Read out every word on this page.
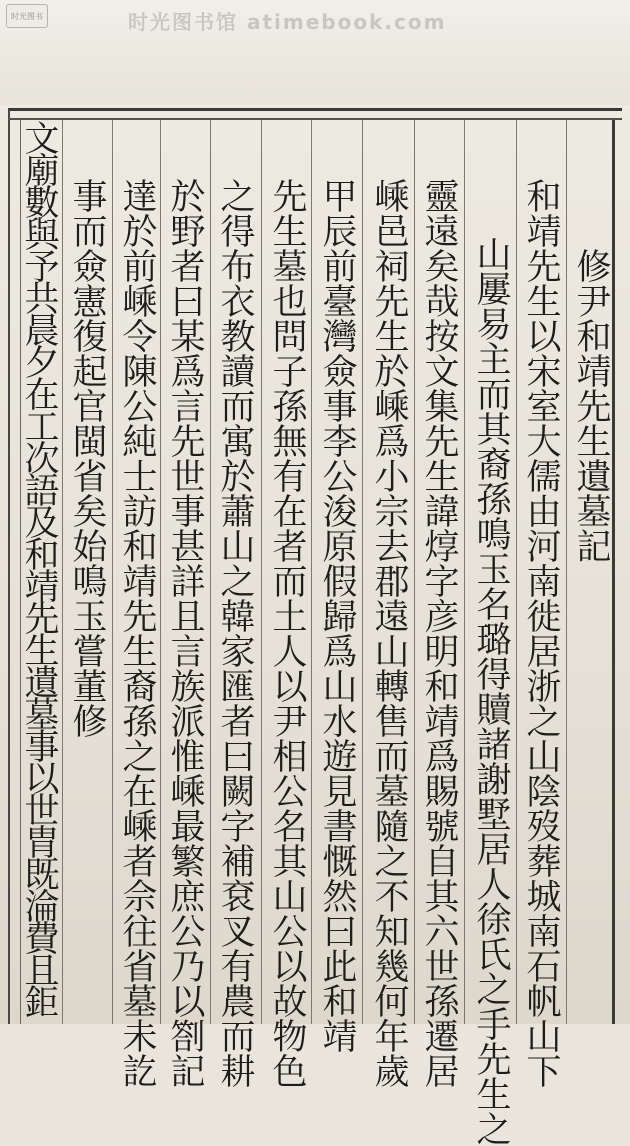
时光图书	时光图书馆 atimebook.com
修尹和靖先生遺墓記
和靖先生以宋室大儒由河南徙居浙之山陰歿葬城南石帆山下
山屢易主而其裔孫鳴玉名璐得贖諸謝墅居人徐氏之手先生之
靈遠矣哉按文集先生諱焞字彦明和靖爲賜號自其六世孫遷居
嵊邑祠先生於嵊爲小宗去郡遠山轉售而墓隨之不知幾何年歲
甲辰前臺灣僉事李公浚原假歸爲山水遊見書慨然曰此和靖
先生墓也問子孫無有在者而土人以尹相公名其山公以故物色
之得布衣教讀而寓於蕭山之韓家匯者曰闕字補袞叉有農而耕
於野者曰某爲言先世事甚詳且言族派惟嵊最繁庶公乃以劄記
達於前嵊令陳公純士訪和靖先生裔孫之在嵊者佘往省墓未訖
事而僉憲復起官閩省矣始鳴玉嘗董修
文廟數與予共晨夕在工次語及和靖先生遺墓事以世胄既淪費且鉅
